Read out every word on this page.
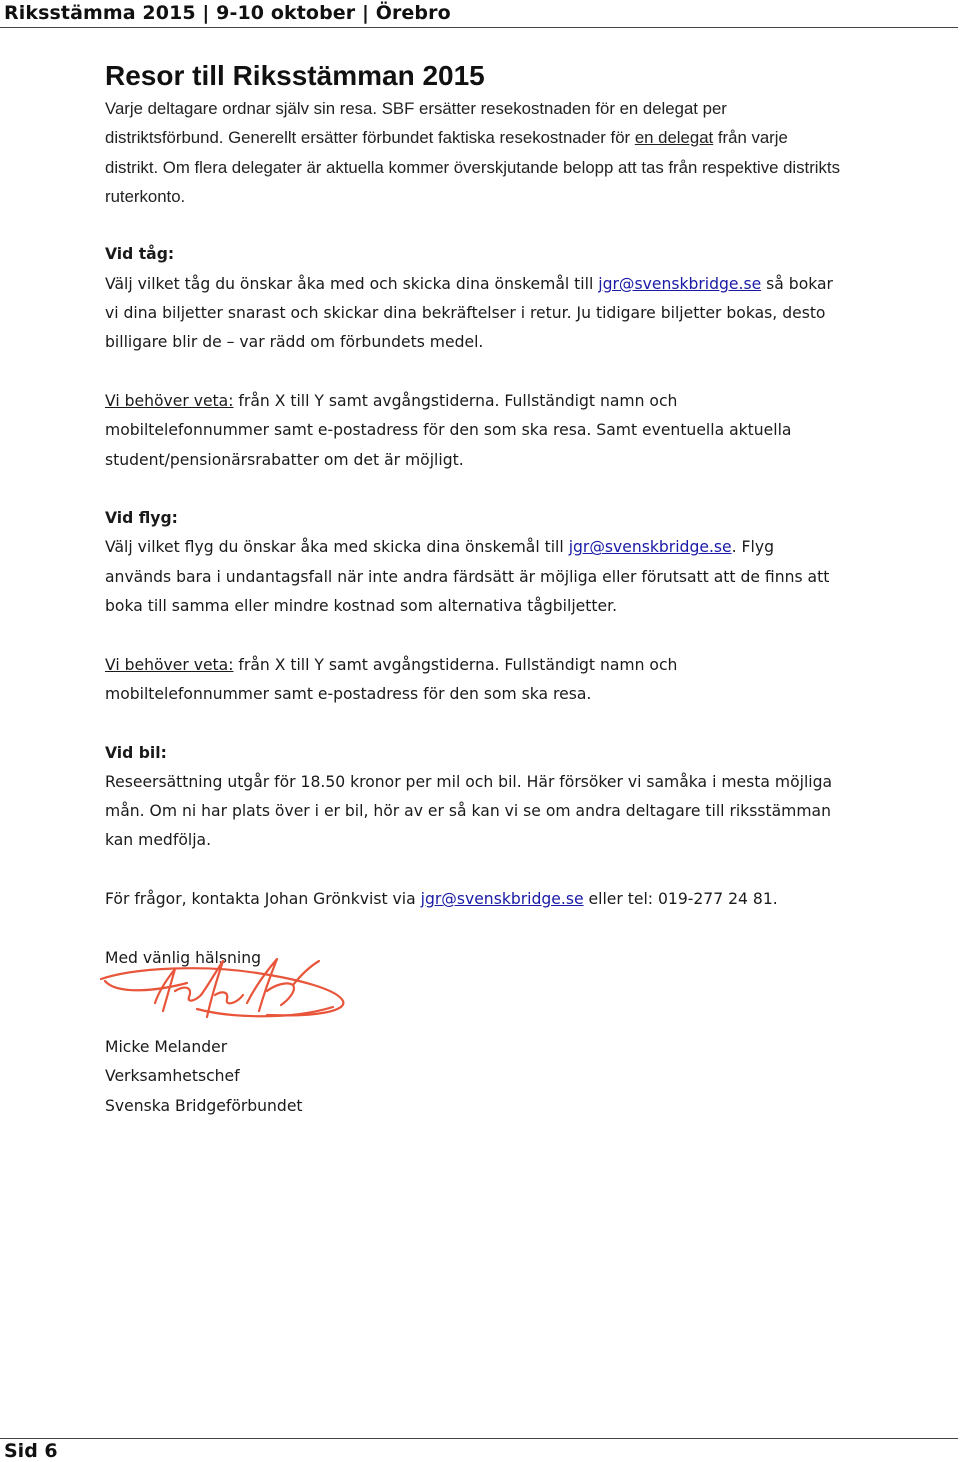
Riksstämma 2015 | 9-10 oktober | Örebro
Resor till Riksstämman 2015

Varje deltagare ordnar själv sin resa. SBF ersätter resekostnaden för en delegat per distriktsförbund. Generellt ersätter förbundet faktiska resekostnader för en delegat från varje distrikt. Om flera delegater är aktuella kommer överskjutande belopp att tas från respektive distrikts ruterkonto.

Vid tåg:

Välj vilket tåg du önskar åka med och skicka dina önskemål till jgr@svenskbridge.se så bokar vi dina biljetter snarast och skickar dina bekräftelser i retur. Ju tidigare biljetter bokas, desto billigare blir de – var rädd om förbundets medel.

Vi behöver veta: från X till Y samt avgångstiderna. Fullständigt namn och mobiltelefonnummer samt e-postadress för den som ska resa. Samt eventuella aktuella student/pensionärsrabatter om det är möjligt.

Vid flyg:

Välj vilket flyg du önskar åka med skicka dina önskemål till jgr@svenskbridge.se. Flyg används bara i undantagsfall när inte andra färdsätt är möjliga eller förutsatt att de finns att boka till samma eller mindre kostnad som alternativa tågbiljetter.

Vi behöver veta: från X till Y samt avgångstiderna. Fullständigt namn och mobiltelefonnummer samt e-postadress för den som ska resa.

Vid bil:

Reseersättning utgår för 18.50 kronor per mil och bil. Här försöker vi samåka i mesta möjliga mån. Om ni har plats över i er bil, hör av er så kan vi se om andra deltagare till riksstämman kan medfölja.

För frågor, kontakta Johan Grönkvist via jgr@svenskbridge.se eller tel: 019-277 24 81.

Med vänlig hälsning

Micke Melander

Verksamhetschef

Svenska Bridgeförbundet

Sid 6
